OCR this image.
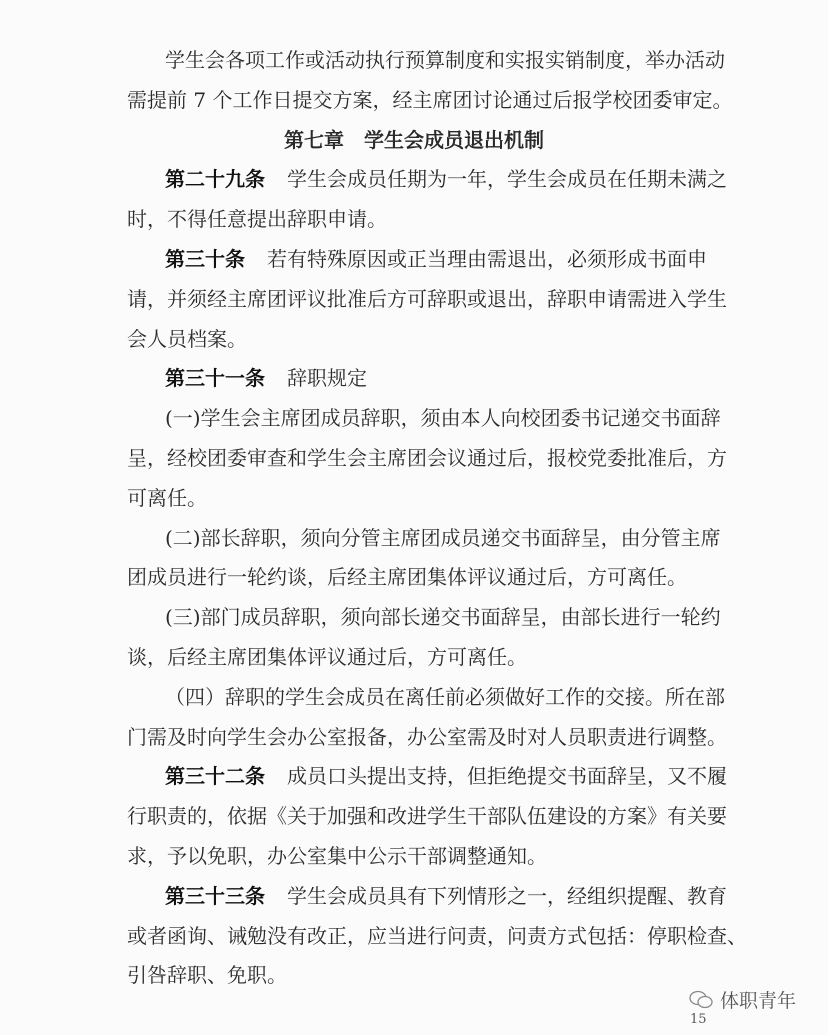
学生会各项工作或活动执行预算制度和实报实销制度，举办活动
需提前 7 个工作日提交方案，经主席团讨论通过后报学校团委审定。
第七章　学生会成员退出机制
第二十九条 学生会成员任期为一年，学生会成员在任期未满之
时，不得任意提出辞职申请。
第三十条 若有特殊原因或正当理由需退出，必须形成书面申
请，并须经主席团评议批准后方可辞职或退出，辞职申请需进入学生
会人员档案。
第三十一条 辞职规定
(一)学生会主席团成员辞职，须由本人向校团委书记递交书面辞
呈，经校团委审查和学生会主席团会议通过后，报校党委批准后，方
可离任。
(二)部长辞职，须向分管主席团成员递交书面辞呈，由分管主席
团成员进行一轮约谈，后经主席团集体评议通过后，方可离任。
(三)部门成员辞职，须向部长递交书面辞呈，由部长进行一轮约
谈，后经主席团集体评议通过后，方可离任。
（四）辞职的学生会成员在离任前必须做好工作的交接。所在部
门需及时向学生会办公室报备，办公室需及时对人员职责进行调整。
第三十二条 成员口头提出支持，但拒绝提交书面辞呈，又不履
行职责的，依据《关于加强和改进学生干部队伍建设的方案》有关要
求，予以免职，办公室集中公示干部调整通知。
第三十三条 学生会成员具有下列情形之一，经组织提醒、教育
或者函询、诫勉没有改正，应当进行问责，问责方式包括：停职检查、
引咎辞职、免职。
体职青年
15
